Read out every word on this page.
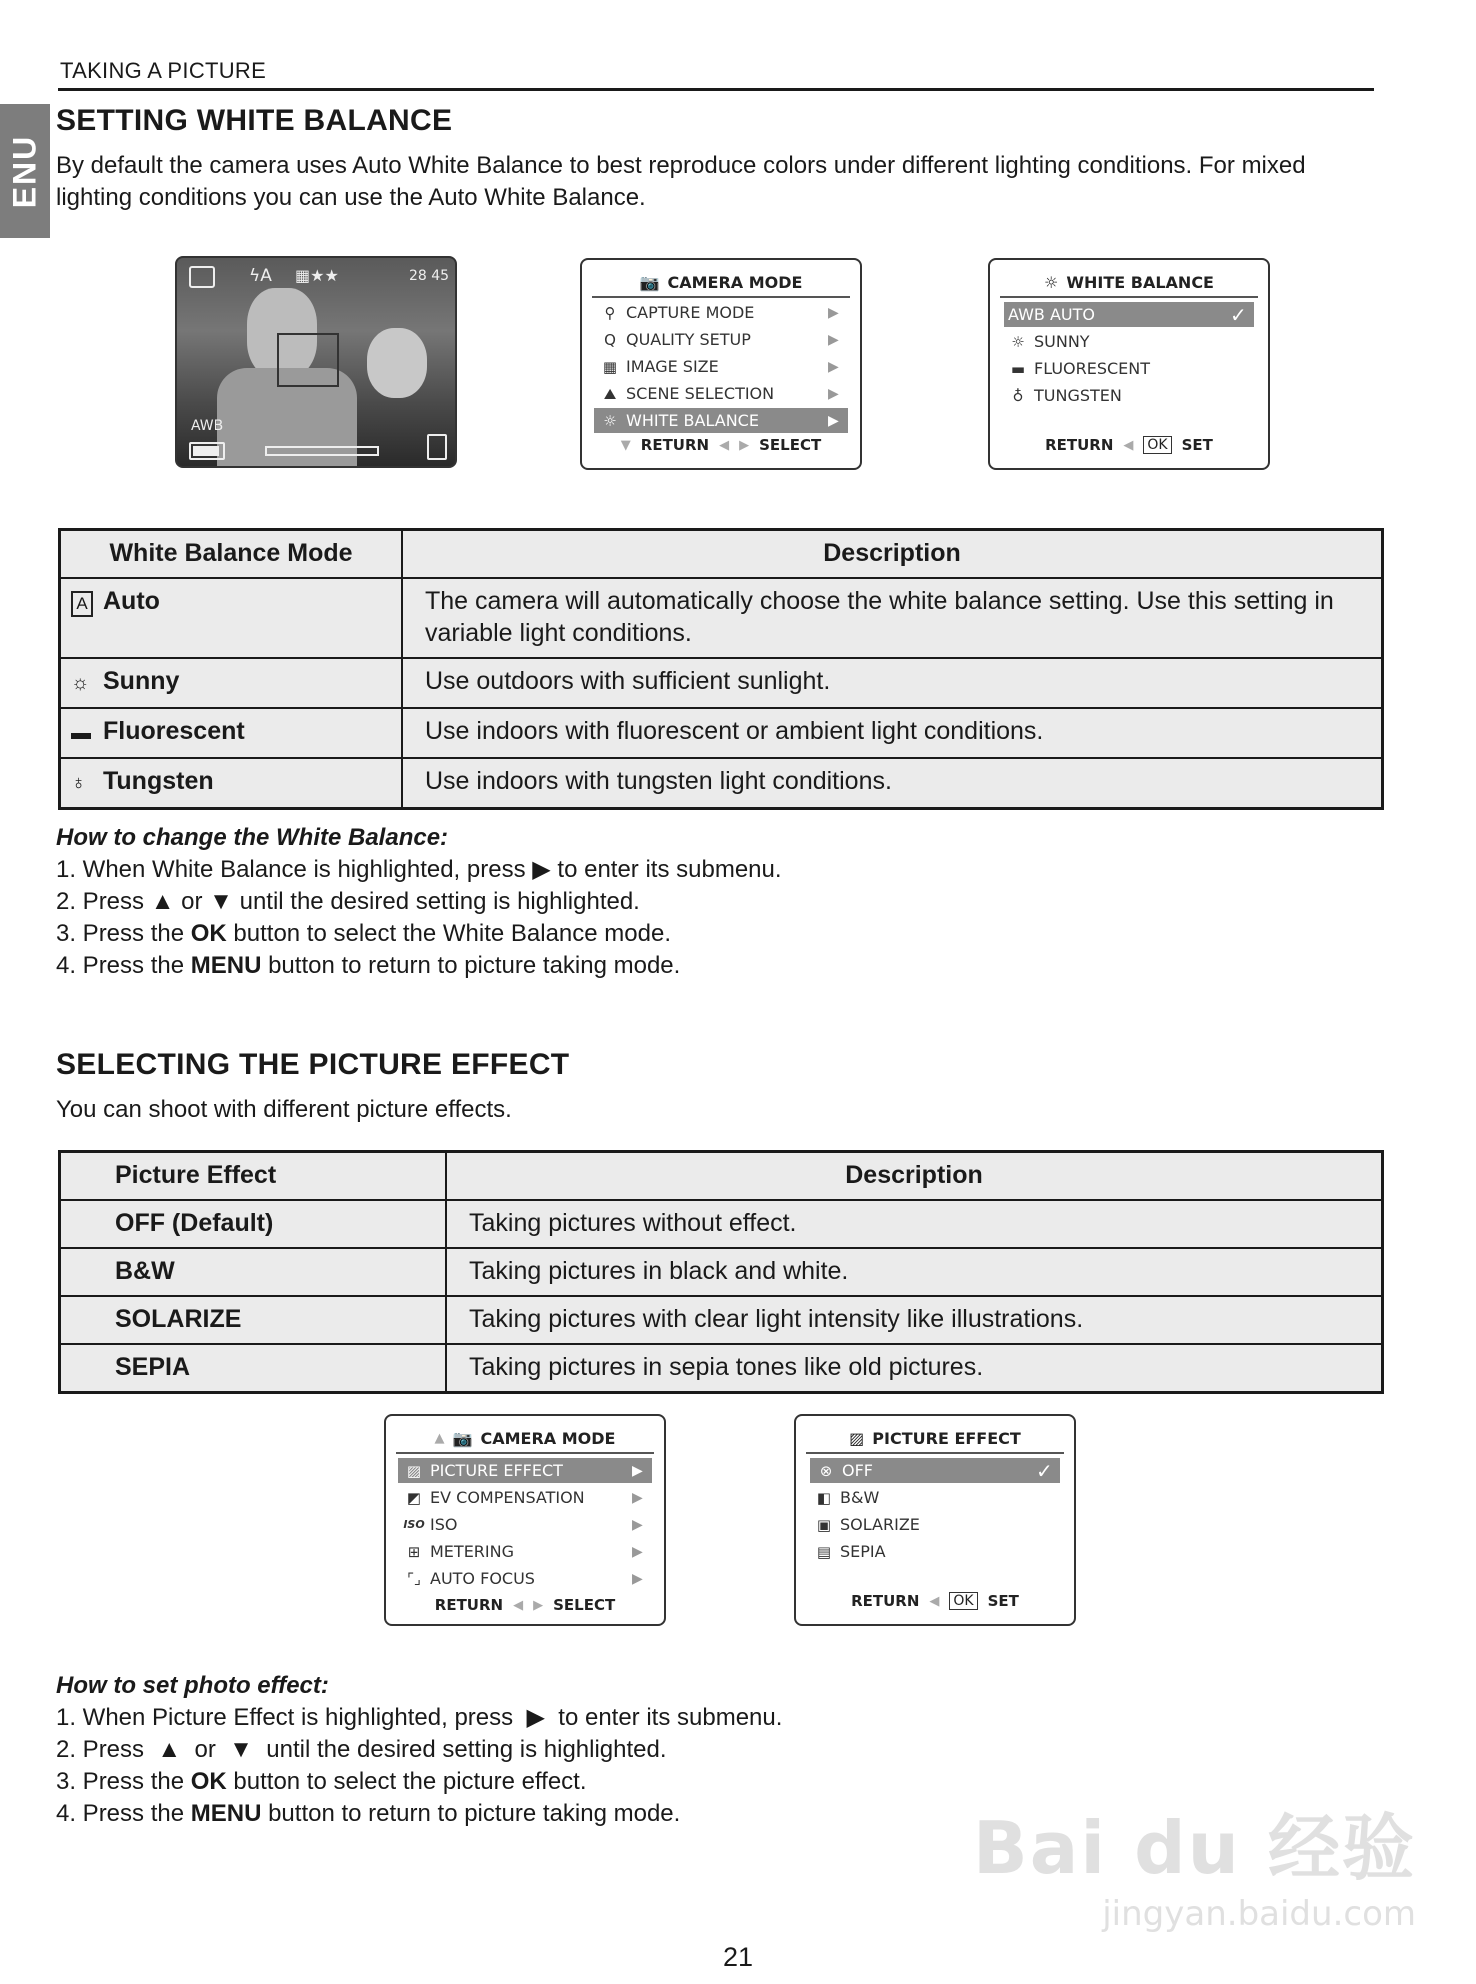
TAKING A PICTURE
ENU
SETTING WHITE BALANCE

By default the camera uses Auto White Balance to best reproduce colors under different lighting conditions. For mixed lighting conditions you can use the Auto White Balance.

ϟA ▦★★	28 45
AWB
📷 CAMERA MODE
⚲ CAPTURE MODE	▶
Q QUALITY SETUP	▶
▦ IMAGE SIZE	▶
⛰ SCENE SELECTION	▶
☼ WHITE BALANCE	▶
▼ RETURN ◀ ▶ SELECT
☼ WHITE BALANCE
AWB AUTO	✓
☼ SUNNY
▬ FLUORESCENT
♁ TUNGSTEN
RETURN ◀ OK SET
White Balance Mode	Description
A Auto	The camera will automatically choose the white balance setting. Use this setting in variable light conditions.
☼ Sunny	Use outdoors with sufficient sunlight.
▬ Fluorescent	Use indoors with fluorescent or ambient light conditions.
♁ Tungsten	Use indoors with tungsten light conditions.
How to change the White Balance:
1. When White Balance is highlighted, press ▶ to enter its submenu.
2. Press ▲ or ▼ until the desired setting is highlighted.
3. Press the OK button to select the White Balance mode.
4. Press the MENU button to return to picture taking mode.
SELECTING THE PICTURE EFFECT

You can shoot with different picture effects.

Picture Effect	Description
OFF (Default)	Taking pictures without effect.
B&W	Taking pictures in black and white.
SOLARIZE	Taking pictures with clear light intensity like illustrations.
SEPIA	Taking pictures in sepia tones like old pictures.
▲ 📷 CAMERA MODE
▨ PICTURE EFFECT	▶
◩ EV COMPENSATION	▶
ISO ISO	▶
⊞ METERING	▶
⌜⌟ AUTO FOCUS	▶
RETURN ◀ ▶ SELECT
▨ PICTURE EFFECT
⊗ OFF	✓
◧ B&W
▣ SOLARIZE
▤ SEPIA
RETURN ◀ OK SET
How to set photo effect:
1. When Picture Effect is highlighted, press ▶ to enter its submenu.
2. Press ▲ or ▼ until the desired setting is highlighted.
3. Press the OK button to select the picture effect.
4. Press the MENU button to return to picture taking mode.	Bai du 经验
jingyan.baidu.com
21
